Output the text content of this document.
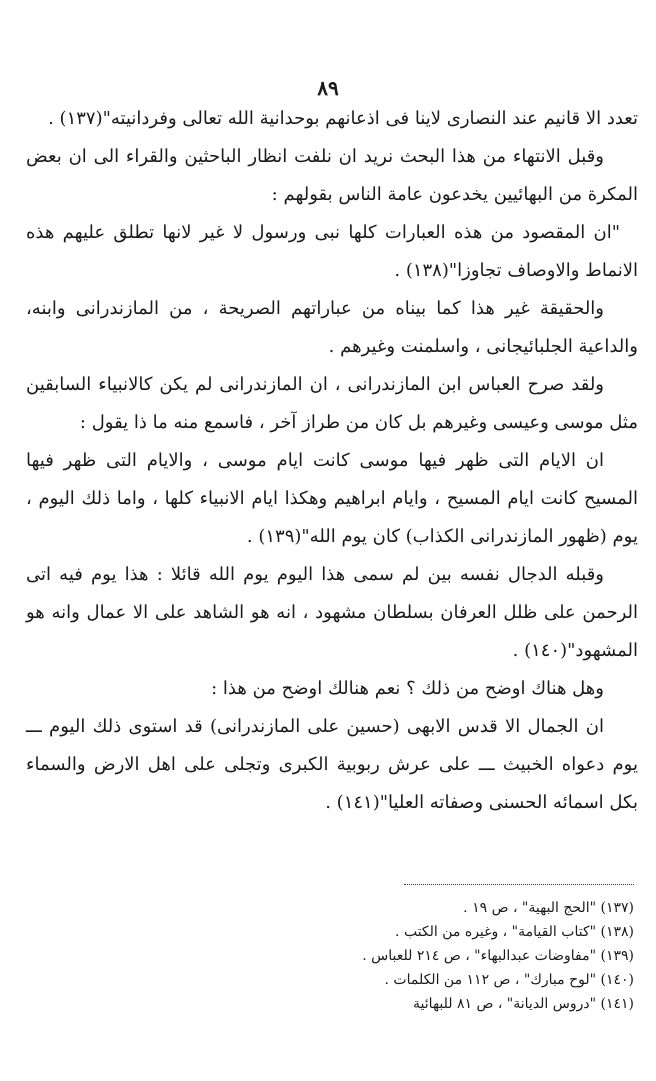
٨٩

تعدد الا قانيم عند النصارى لاينا فى اذعانهم بوحدانية الله تعالى وفردانيته"(١٣٧) .

وقبل الانتهاء من هذا البحث نريد ان نلفت انظار الباحثين والقراء الى ان بعض المكرة من البهائيين يخدعون عامة الناس بقولهم :

"ان المقصود من هذه العبارات كلها نبى ورسول لا غير لانها تطلق عليهم هذه الانماط والاوصاف تجاوزا"(١٣٨) .

والحقيقة غير هذا كما بيناه من عباراتهم الصريحة ، من المازندرانى وابنه، والداعية الجلبائيجانى ، واسلمنت وغيرهم .

ولقد صرح العباس ابن المازندرانى ، ان المازندرانى لم يكن كالانبياء السابقين مثل موسى وعيسى وغيرهم بل كان من طراز آخر ، فاسمع منه ما ذا يقول :

ان الايام التى ظهر فيها موسى كانت ايام موسى ، والايام التى ظهر فيها المسيح كانت ايام المسيح ، وايام ابراهيم وهكذا ايام الانبياء كلها ، واما ذلك اليوم ، يوم (ظهور المازندرانى الكذاب) كان يوم الله"(١٣٩) .

وقبله الدجال نفسه بين لم سمى هذا اليوم يوم الله قائلا : هذا يوم فيه اتى الرحمن على ظلل العرفان بسلطان مشهود ، انه هو الشاهد على الا عمال وانه هو المشهود"(١٤٠) .

وهل هناك اوضح من ذلك ؟ نعم هنالك اوضح من هذا :

ان الجمال الا قدس الابهى (حسين على المازندرانى) قد استوى ذلك اليوم ـــ يوم دعواه الخبيث ـــ على عرش ربوبية الكبرى وتجلى على اهل الارض والسماء بكل اسمائه الحسنى وصفاته العليا"(١٤١) .

(١٣٧) "الحج البهية" ، ص ١٩ .

(١٣٨) "كتاب القيامة" ، وغيره من الكتب .

(١٣٩) "مفاوضات عبدالبهاء" ، ص ٢١٤ للعباس .

(١٤٠) "لوح مبارك" ، ص ١١٢ من الكلمات .

(١٤١) "دروس الديانة" ، ص ٨١ للبهائية
